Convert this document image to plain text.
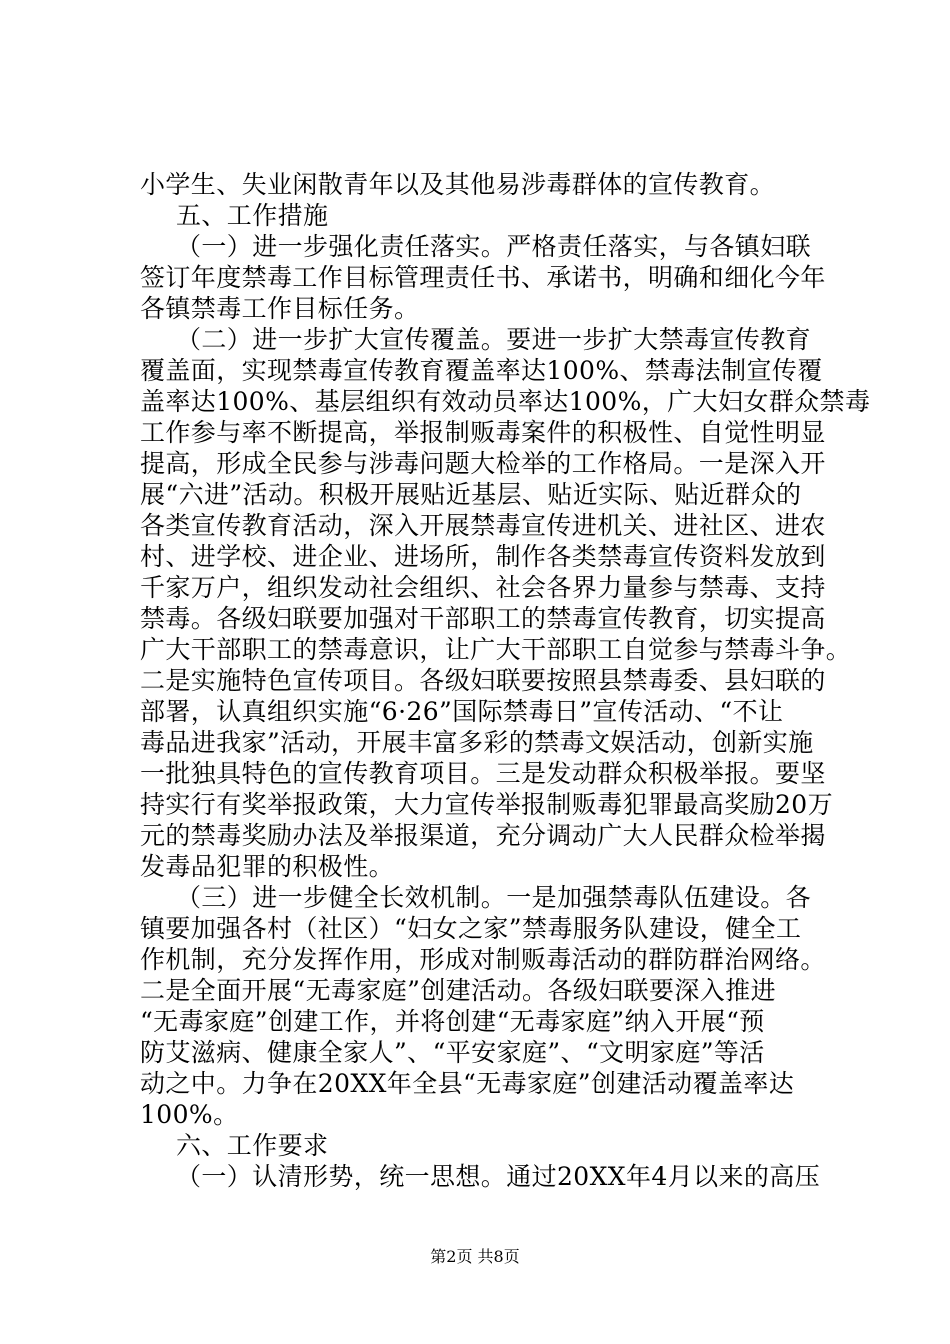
小学生、失业闲散青年以及其他易涉毒群体的宣传教育。
五、工作措施
（一）进一步强化责任落实。严格责任落实，与各镇妇联
签订年度禁毒工作目标管理责任书、承诺书，明确和细化今年
各镇禁毒工作目标任务。
（二）进一步扩大宣传覆盖。要进一步扩大禁毒宣传教育
覆盖面，实现禁毒宣传教育覆盖率达100%、禁毒法制宣传覆
盖率达100%、基层组织有效动员率达100%，广大妇女群众禁毒
工作参与率不断提高，举报制贩毒案件的积极性、自觉性明显
提高，形成全民参与涉毒问题大检举的工作格局。一是深入开
展“六进”活动。积极开展贴近基层、贴近实际、贴近群众的
各类宣传教育活动，深入开展禁毒宣传进机关、进社区、进农
村、进学校、进企业、进场所，制作各类禁毒宣传资料发放到
千家万户，组织发动社会组织、社会各界力量参与禁毒、支持
禁毒。各级妇联要加强对干部职工的禁毒宣传教育，切实提高
广大干部职工的禁毒意识，让广大干部职工自觉参与禁毒斗争。
二是实施特色宣传项目。各级妇联要按照县禁毒委、县妇联的
部署，认真组织实施“6·26”国际禁毒日”宣传活动、“不让
毒品进我家”活动，开展丰富多彩的禁毒文娱活动，创新实施
一批独具特色的宣传教育项目。三是发动群众积极举报。要坚
持实行有奖举报政策，大力宣传举报制贩毒犯罪最高奖励20万
元的禁毒奖励办法及举报渠道，充分调动广大人民群众检举揭
发毒品犯罪的积极性。
（三）进一步健全长效机制。一是加强禁毒队伍建设。各
镇要加强各村（社区）“妇女之家”禁毒服务队建设，健全工
作机制，充分发挥作用，形成对制贩毒活动的群防群治网络。
二是全面开展“无毒家庭”创建活动。各级妇联要深入推进
“无毒家庭”创建工作，并将创建“无毒家庭”纳入开展“预
防艾滋病、健康全家人”、“平安家庭”、“文明家庭”等活
动之中。力争在20XX年全县“无毒家庭”创建活动覆盖率达
100%。
六、工作要求
（一）认清形势，统一思想。通过20XX年4月以来的高压
第2页 共8页
